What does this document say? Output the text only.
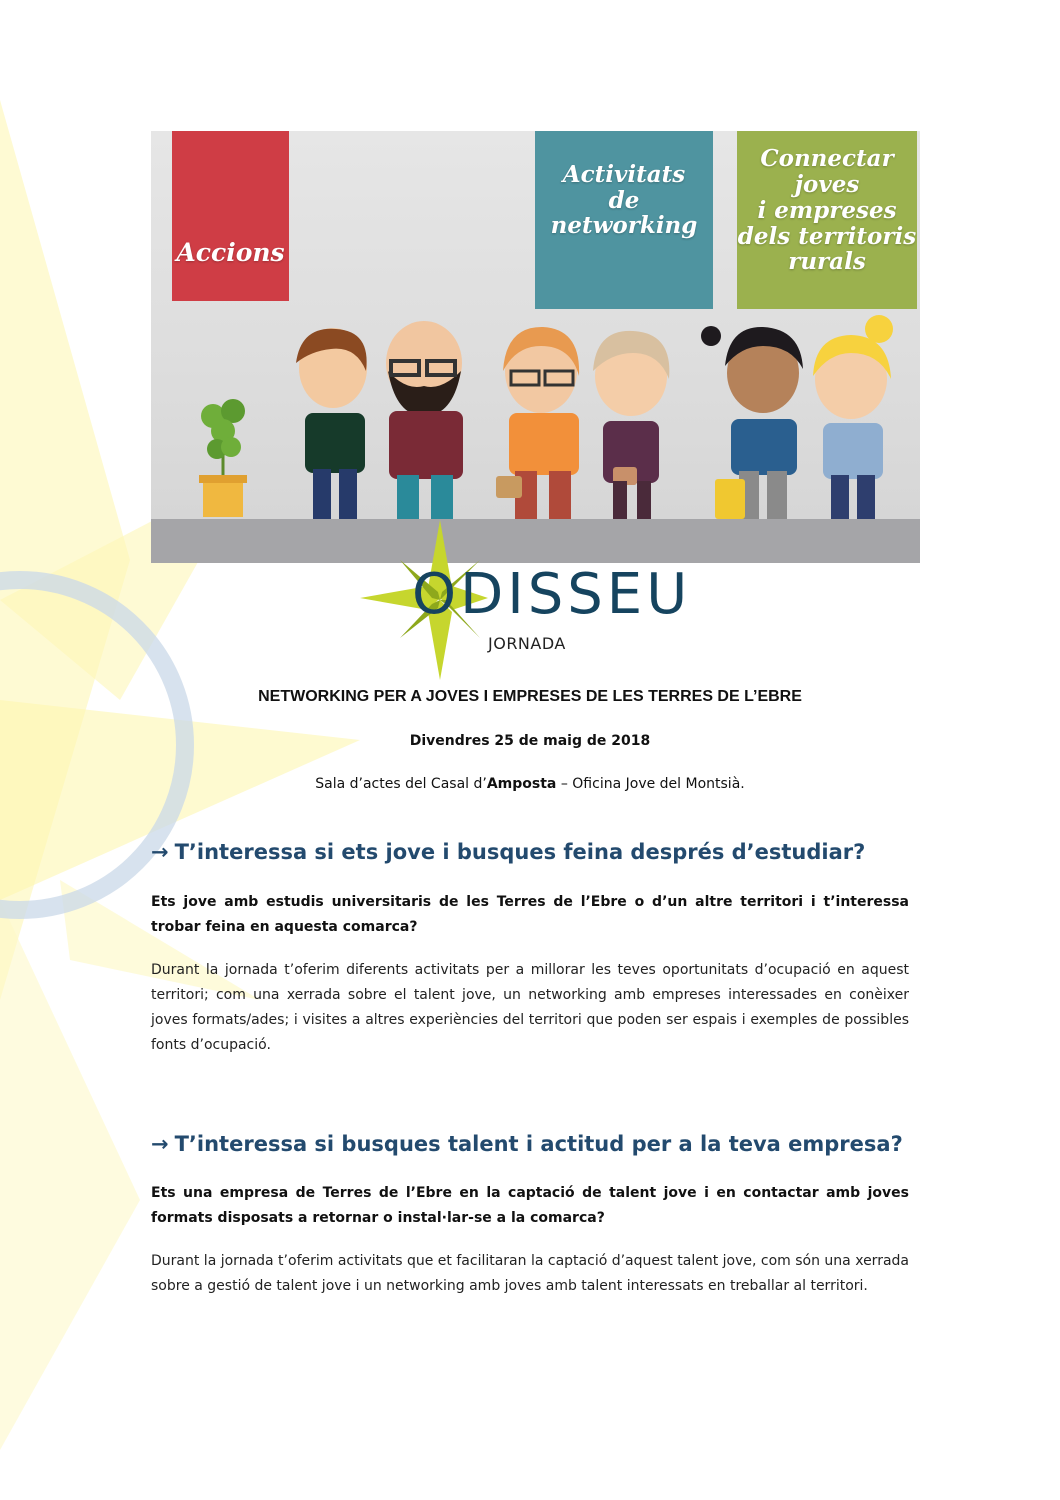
Accions
Activitats
de networking
Connectar joves
i empreses
dels territoris
rurals
ODISSEU
JORNADA
NETWORKING PER A JOVES I EMPRESES DE LES TERRES DE L’EBRE
Divendres 25 de maig de 2018
Sala d’actes del Casal d’Amposta – Oficina Jove del Montsià.
→ T’interessa si ets jove i busques feina després d’estudiar?
Ets jove amb estudis universitaris de les Terres de l’Ebre o d’un altre territori i t’interessa trobar feina en aquesta comarca?
Durant la jornada t’oferim diferents activitats per a millorar les teves oportunitats d’ocupació en aquest territori; com una xerrada sobre el talent jove, un networking amb empreses interessades en conèixer joves formats/ades; i visites a altres experiències del territori que poden ser espais i exemples de possibles fonts d’ocupació.
→ T’interessa si busques talent i actitud per a la teva empresa?
Ets una empresa de Terres de l’Ebre en la captació de talent jove i en contactar amb joves formats disposats a retornar o instal·lar-se a la comarca?
Durant la jornada t’oferim activitats que et facilitaran la captació d’aquest talent jove, com són una xerrada sobre a gestió de talent jove i un networking amb joves amb talent interessats en treballar al territori.
